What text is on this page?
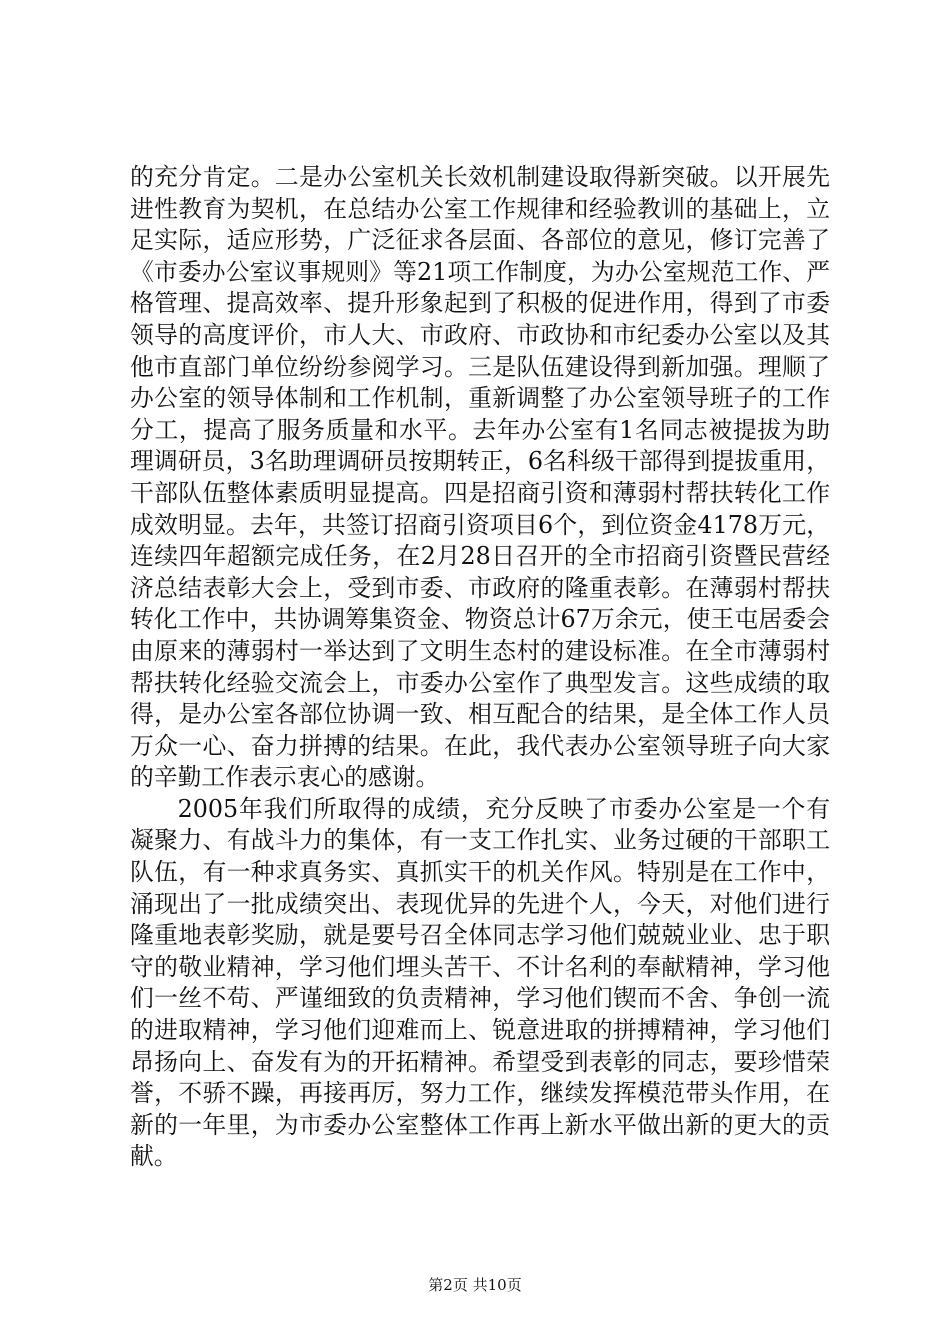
的充分肯定。二是办公室机关长效机制建设取得新突破。以开展先进性教育为契机，在总结办公室工作规律和经验教训的基础上，立足实际，适应形势，广泛征求各层面、各部位的意见，修订完善了《市委办公室议事规则》等21项工作制度，为办公室规范工作、严格管理、提高效率、提升形象起到了积极的促进作用，得到了市委领导的高度评价，市人大、市政府、市政协和市纪委办公室以及其他市直部门单位纷纷参阅学习。三是队伍建设得到新加强。理顺了办公室的领导体制和工作机制，重新调整了办公室领导班子的工作分工，提高了服务质量和水平。去年办公室有1名同志被提拔为助理调研员，3名助理调研员按期转正，6名科级干部得到提拔重用，干部队伍整体素质明显提高。四是招商引资和薄弱村帮扶转化工作成效明显。去年，共签订招商引资项目6个，到位资金4178万元，连续四年超额完成任务，在2月28日召开的全市招商引资暨民营经济总结表彰大会上，受到市委、市政府的隆重表彰。在薄弱村帮扶转化工作中，共协调筹集资金、物资总计67万余元，使王屯居委会由原来的薄弱村一举达到了文明生态村的建设标准。在全市薄弱村帮扶转化经验交流会上，市委办公室作了典型发言。这些成绩的取得，是办公室各部位协调一致、相互配合的结果，是全体工作人员万众一心、奋力拼搏的结果。在此，我代表办公室领导班子向大家的辛勤工作表示衷心的感谢。

2005年我们所取得的成绩，充分反映了市委办公室是一个有凝聚力、有战斗力的集体，有一支工作扎实、业务过硬的干部职工队伍，有一种求真务实、真抓实干的机关作风。特别是在工作中，涌现出了一批成绩突出、表现优异的先进个人，今天，对他们进行隆重地表彰奖励，就是要号召全体同志学习他们兢兢业业、忠于职守的敬业精神，学习他们埋头苦干、不计名利的奉献精神，学习他们一丝不苟、严谨细致的负责精神，学习他们锲而不舍、争创一流的进取精神，学习他们迎难而上、锐意进取的拼搏精神，学习他们昂扬向上、奋发有为的开拓精神。希望受到表彰的同志，要珍惜荣誉，不骄不躁，再接再厉，努力工作，继续发挥模范带头作用，在新的一年里，为市委办公室整体工作再上新水平做出新的更大的贡献。

第2页 共10页
